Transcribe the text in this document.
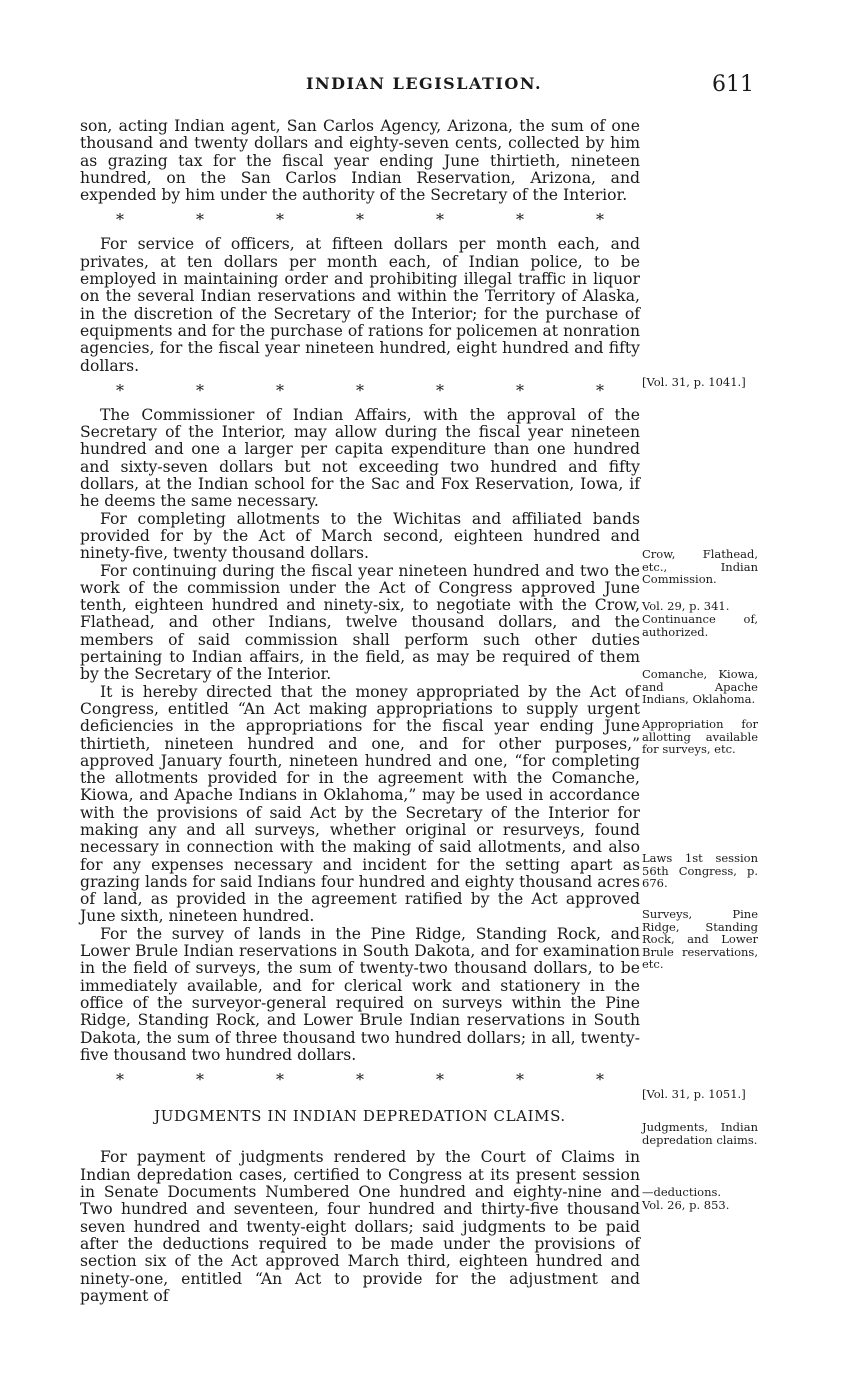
INDIAN LEGISLATION.	611

son, acting Indian agent, San Carlos Agency, Arizona, the sum of one thousand and twenty dollars and eighty-seven cents, collected by him as grazing tax for the fiscal year ending June thirtieth, nineteen hundred, on the San Carlos Indian Reservation, Arizona, and expended by him under the authority of the Secretary of the Interior.

*	*	*	*	*	*	*

For service of officers, at fifteen dollars per month each, and privates, at ten dollars per month each, of Indian police, to be employed in maintaining order and prohibiting illegal traffic in liquor on the several Indian reservations and within the Territory of Alaska, in the discretion of the Secretary of the Interior; for the purchase of equipments and for the purchase of rations for policemen at nonration agencies, for the fiscal year nineteen hundred, eight hundred and fifty dollars.

*	*	*	*	*	*	*

The Commissioner of Indian Affairs, with the approval of the Secretary of the Interior, may allow during the fiscal year nineteen hundred and one a larger per capita expenditure than one hundred and sixty-seven dollars but not exceeding two hundred and fifty dollars, at the Indian school for the Sac and Fox Reservation, Iowa, if he deems the same necessary.

For completing allotments to the Wichitas and affiliated bands provided for by the Act of March second, eighteen hundred and ninety-five, twenty thousand dollars.

For continuing during the fiscal year nineteen hundred and two the work of the commission under the Act of Congress approved June tenth, eighteen hundred and ninety-six, to negotiate with the Crow, Flathead, and other Indians, twelve thousand dollars, and the members of said commission shall perform such other duties pertaining to Indian affairs, in the field, as may be required of them by the Secretary of the Interior.

It is hereby directed that the money appropriated by the Act of Congress, entitled “An Act making appropriations to supply urgent deficiencies in the appropriations for the fiscal year ending June thirtieth, nineteen hundred and one, and for other purposes,” approved January fourth, nineteen hundred and one, “for completing the allotments provided for in the agreement with the Comanche, Kiowa, and Apache Indians in Oklahoma,” may be used in accordance with the provisions of said Act by the Secretary of the Interior for making any and all surveys, whether original or resurveys, found necessary in connection with the making of said allotments, and also for any expenses necessary and incident for the setting apart as grazing lands for said Indians four hundred and eighty thousand acres of land, as provided in the agreement ratified by the Act approved June sixth, nineteen hundred.

For the survey of lands in the Pine Ridge, Standing Rock, and Lower Brule Indian reservations in South Dakota, and for examination in the field of surveys, the sum of twenty-two thousand dollars, to be immediately available, and for clerical work and stationery in the office of the surveyor-general required on surveys within the Pine Ridge, Standing Rock, and Lower Brule Indian reservations in South Dakota, the sum of three thousand two hundred dollars; in all, twenty-five thousand two hundred dollars.

*	*	*	*	*	*	*
JUDGMENTS IN INDIAN DEPREDATION CLAIMS.

For payment of judgments rendered by the Court of Claims in Indian depredation cases, certified to Congress at its present session in Senate Documents Numbered One hundred and eighty-nine and Two hundred and seventeen, four hundred and thirty-five thousand seven hundred and twenty-eight dollars; said judgments to be paid after the deductions required to be made under the provisions of section six of the Act approved March third, eighteen hundred and ninety-one, entitled “An Act to provide for the adjustment and payment of

[Vol. 31, p. 1041.]
Crow, Flathead, etc., Indian Commission.
Vol. 29, p. 341.
Continuance of, authorized.
Comanche, Kiowa, and Apache Indians, Oklahoma.
Appropriation for allotting available for surveys, etc.
Laws 1st session 56th Congress, p. 676.
Surveys, Pine Ridge, Standing Rock, and Lower Brule reservations, etc.
[Vol. 31, p. 1051.]
Judgments, Indian depredation claims.
—deductions.
Vol. 26, p. 853.
